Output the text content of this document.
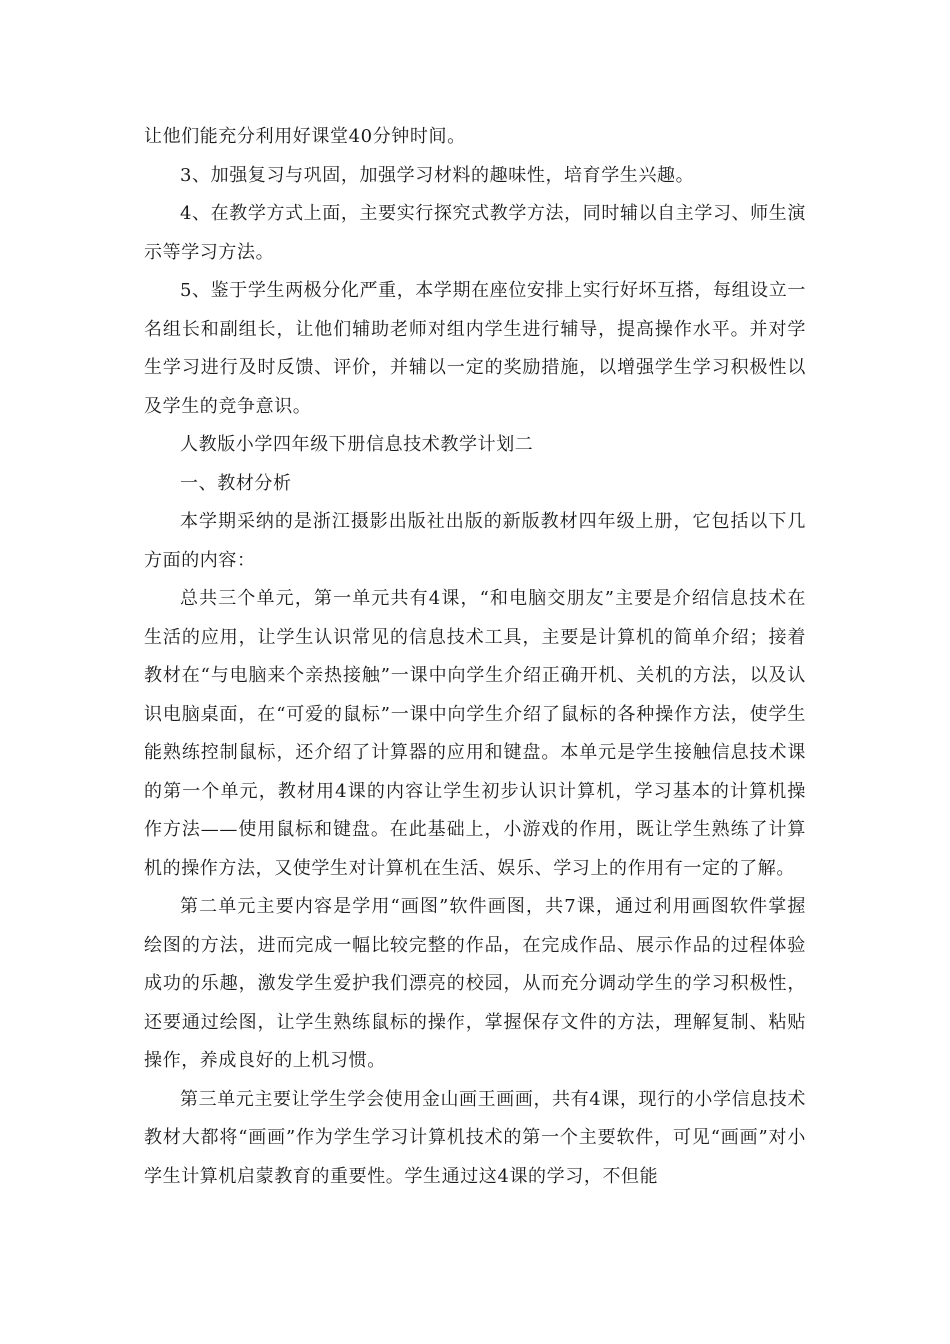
让他们能充分利用好课堂40分钟时间。

3、加强复习与巩固，加强学习材料的趣味性，培育学生兴趣。

4、在教学方式上面，主要实行探究式教学方法，同时辅以自主学习、师生演示等学习方法。

5、鉴于学生两极分化严重，本学期在座位安排上实行好坏互搭，每组设立一名组长和副组长，让他们辅助老师对组内学生进行辅导，提高操作水平。并对学生学习进行及时反馈、评价，并辅以一定的奖励措施，以增强学生学习积极性以及学生的竞争意识。

人教版小学四年级下册信息技术教学计划二

一、教材分析

本学期采纳的是浙江摄影出版社出版的新版教材四年级上册，它包括以下几方面的内容：

总共三个单元，第一单元共有4课，“和电脑交朋友”主要是介绍信息技术在生活的应用，让学生认识常见的信息技术工具，主要是计算机的简单介绍；接着教材在“与电脑来个亲热接触”一课中向学生介绍正确开机、关机的方法，以及认识电脑桌面，在“可爱的鼠标”一课中向学生介绍了鼠标的各种操作方法，使学生能熟练控制鼠标，还介绍了计算器的应用和键盘。本单元是学生接触信息技术课的第一个单元，教材用4课的内容让学生初步认识计算机，学习基本的计算机操作方法——使用鼠标和键盘。在此基础上，小游戏的作用，既让学生熟练了计算机的操作方法，又使学生对计算机在生活、娱乐、学习上的作用有一定的了解。

第二单元主要内容是学用“画图”软件画图，共7课，通过利用画图软件掌握绘图的方法，进而完成一幅比较完整的作品，在完成作品、展示作品的过程体验成功的乐趣，激发学生爱护我们漂亮的校园，从而充分调动学生的学习积极性，还要通过绘图，让学生熟练鼠标的操作，掌握保存文件的方法，理解复制、粘贴操作，养成良好的上机习惯。

第三单元主要让学生学会使用金山画王画画，共有4课，现行的小学信息技术教材大都将“画画”作为学生学习计算机技术的第一个主要软件，可见“画画”对小学生计算机启蒙教育的重要性。学生通过这4课的学习，不但能
